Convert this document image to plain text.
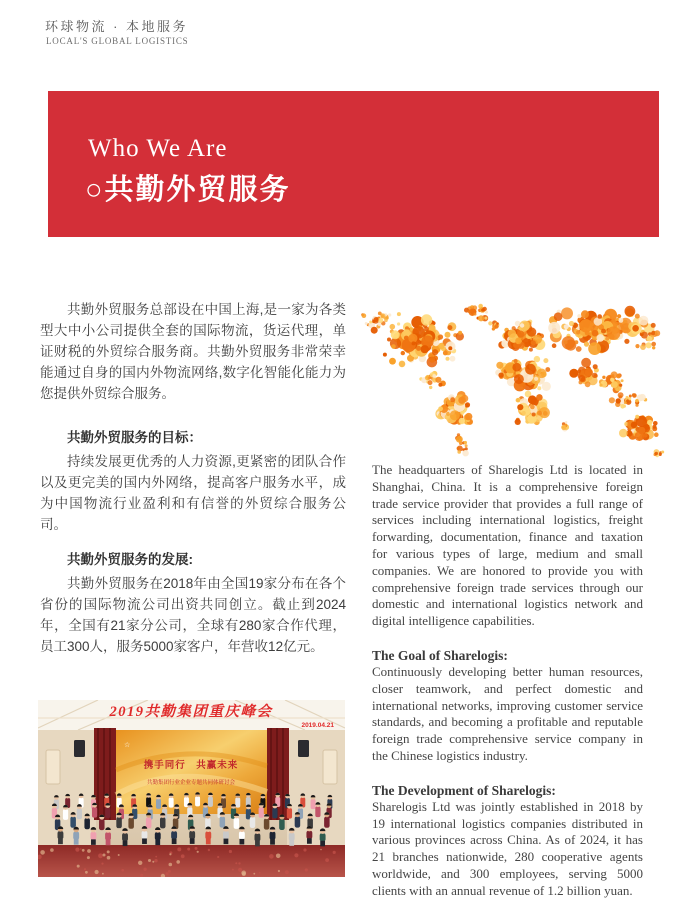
环球物流 · 本地服务
LOCAL'S GLOBAL LOGISTICS
Who We Are
○共勤外贸服务

共勤外贸服务总部设在中国上海,是一家为各类型大中小公司提供全套的国际物流，货运代理，单证财税的外贸综合服务商。共勤外贸服务非常荣幸能通过自身的国内外物流网络,数字化智能化能力为您提供外贸综合服务。

共勤外贸服务的目标：

持续发展更优秀的人力资源,更紧密的团队合作以及更完美的国内外网络，提高客户服务水平，成为中国物流行业盈利和有信誉的外贸综合服务公司。

共勤外贸服务的发展:

共勤外贸服务在2018年由全国19家分布在各个省份的国际物流公司出资共同创立。截止到2024年，全国有21家分公司，全球有280家合作代理，员工300人，服务5000家客户，年营收12亿元。

The headquarters of Sharelogis Ltd is located in Shanghai, China. It is a comprehensive foreign trade service provider that provides a full range of services including international logistics, freight forwarding, documentation, finance and taxation for various types of large, medium and small companies. We are honored to provide you with comprehensive foreign trade services through our domestic and international logistics network and digital intelligence capabilities.

The Goal of Sharelogis:

Continuously developing better human resources, closer teamwork, and perfect domestic and international networks, improving customer service standards, and becoming a profitable and reputable foreign trade comprehensive service company in the Chinese logistics industry.

The Development of Sharelogis:

Sharelogis Ltd was jointly established in 2018 by 19 international logistics companies distributed in various provinces across China. As of 2024, it has 21 branches nationwide, 280 cooperative agents worldwide, and 300 employees, serving 5000 clients with an annual revenue of 1.2 billion yuan.

☆
携手同行　共赢未来
共勤集团行业企业专题共同体研讨会
2019共勤集团重庆峰会
2019.04.21
